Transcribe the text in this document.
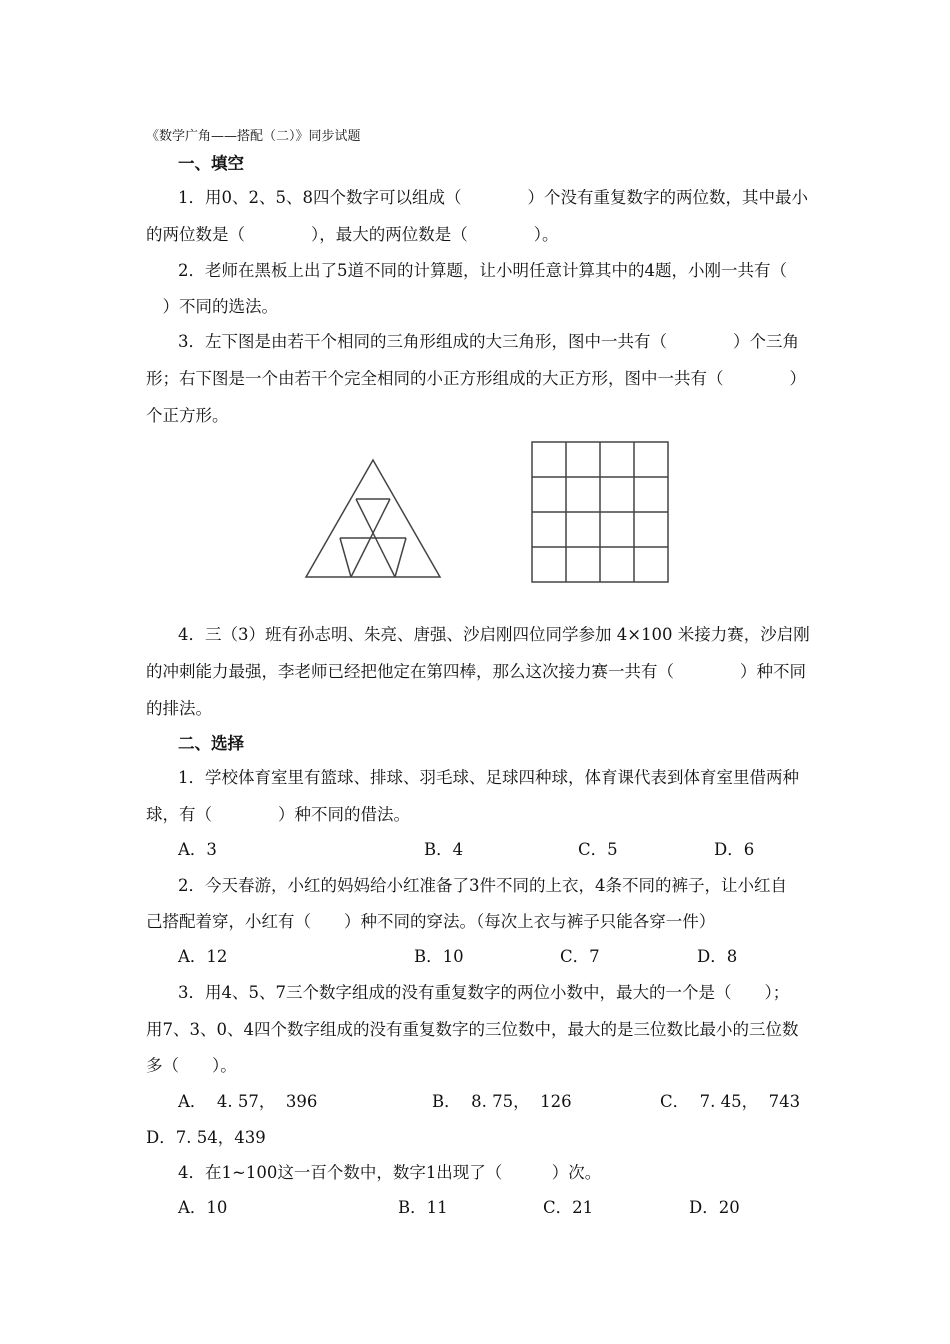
《数学广角——搭配（二）》同步试题
一、填空
1．用0、2、5、8四个数字可以组成（　　　　）个没有重复数字的两位数，其中最小
的两位数是（　　　　），最大的两位数是（　　　　）。
2．老师在黑板上出了5道不同的计算题，让小明任意计算其中的4题，小刚一共有（
　）不同的选法。
3．左下图是由若干个相同的三角形组成的大三角形，图中一共有（　　　　）个三角
形；右下图是一个由若干个完全相同的小正方形组成的大正方形，图中一共有（　　　　）
个正方形。
4．三（3）班有孙志明、朱亮、唐强、沙启刚四位同学参加 4×100 米接力赛，沙启刚
的冲刺能力最强，李老师已经把他定在第四棒，那么这次接力赛一共有（　　　　）种不同
的排法。
二、选择
1．学校体育室里有篮球、排球、羽毛球、足球四种球，体育课代表到体育室里借两种
球，有（　　　　）种不同的借法。
A．3	B．4	C．5	D．6
2．今天春游，小红的妈妈给小红准备了3件不同的上衣，4条不同的裤子，让小红自
己搭配着穿，小红有（　　）种不同的穿法。（每次上衣与裤子只能各穿一件）
A．12	B．10	C．7	D．8
3．用4、5、7三个数字组成的没有重复数字的两位小数中，最大的一个是（　　）；
用7、3、0、4四个数字组成的没有重复数字的三位数中，最大的是三位数比最小的三位数
多（　　）。
A．  4. 57，  396	B．  8. 75，  126	C．  7. 45，  743
D．7. 54，439
4．在1~100这一百个数中，数字1出现了（　　　）次。
A．10	B．11	C．21	D．20
